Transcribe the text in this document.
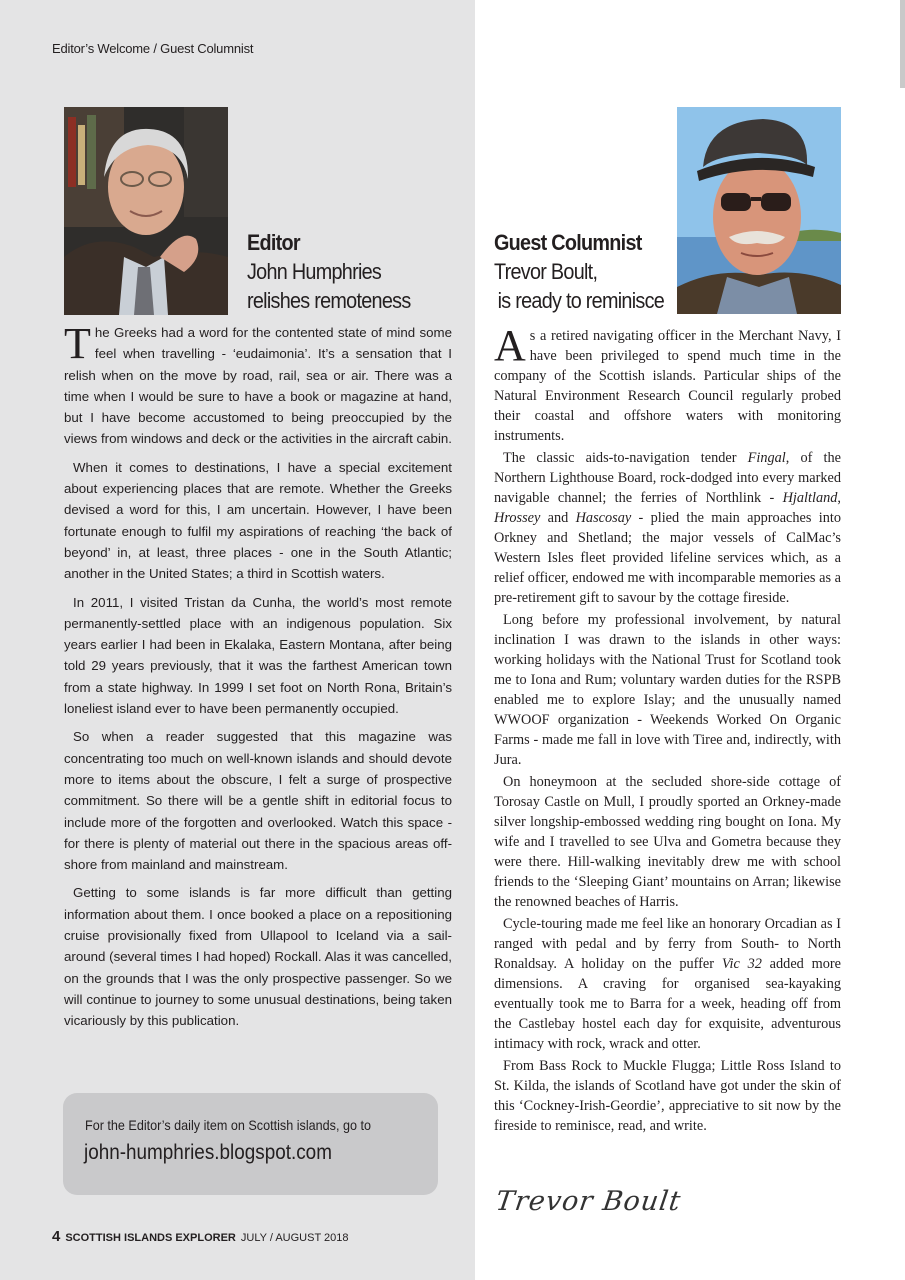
Editor’s Welcome / Guest Columnist
Editor
John Humphries
relishes remoteness
Guest Columnist
Trevor Boult,
is ready to reminisce

The Greeks had a word for the contented state of mind some feel when travelling - ‘eudaimonia’. It’s a sensation that I relish when on the move by road, rail, sea or air. There was a time when I would be sure to have a book or magazine at hand, but I have become accustomed to being preoccupied by the views from windows and deck or the activities in the aircraft cabin.

When it comes to destinations, I have a special excitement about experiencing places that are remote. Whether the Greeks devised a word for this, I am uncertain. However, I have been fortunate enough to fulfil my aspirations of reaching ‘the back of beyond’ in, at least, three places - one in the South Atlantic; another in the United States; a third in Scottish waters.

In 2011, I visited Tristan da Cunha, the world’s most remote permanently-settled place with an indigenous population. Six years earlier I had been in Ekalaka, Eastern Montana, after being told 29 years previously, that it was the farthest American town from a state highway. In 1999 I set foot on North Rona, Britain’s loneliest island ever to have been permanently occupied.

So when a reader suggested that this magazine was concentrating too much on well-known islands and should devote more to items about the obscure, I felt a surge of prospective commitment. So there will be a gentle shift in editorial focus to include more of the forgotten and overlooked. Watch this space - for there is plenty of material out there in the spacious areas off-shore from mainland and mainstream.

Getting to some islands is far more difficult than getting information about them. I once booked a place on a repositioning cruise provisionally fixed from Ullapool to Iceland via a sail-around (several times I had hoped) Rockall. Alas it was cancelled, on the grounds that I was the only prospective passenger. So we will continue to journey to some unusual destinations, being taken vicariously by this publication.

As a retired navigating officer in the Merchant Navy, I have been privileged to spend much time in the company of the Scottish islands. Particular ships of the Natural Environment Research Council regularly probed their coastal and offshore waters with monitoring instruments.

The classic aids-to-navigation tender Fingal, of the Northern Lighthouse Board, rock-dodged into every marked navigable channel; the ferries of Northlink - Hjaltland, Hrossey and Hascosay - plied the main approaches into Orkney and Shetland; the major vessels of CalMac’s Western Isles fleet provided lifeline services which, as a relief officer, endowed me with incomparable memories as a pre-retirement gift to savour by the cottage fireside.

Long before my professional involvement, by natural inclination I was drawn to the islands in other ways: working holidays with the National Trust for Scotland took me to Iona and Rum; voluntary warden duties for the RSPB enabled me to explore Islay; and the unusually named WWOOF organization - Weekends Worked On Organic Farms - made me fall in love with Tiree and, indirectly, with Jura.

On honeymoon at the secluded shore-side cottage of Torosay Castle on Mull, I proudly sported an Orkney-made silver longship-embossed wedding ring bought on Iona. My wife and I travelled to see Ulva and Gometra because they were there. Hill-walking inevitably drew me with school friends to the ‘Sleeping Giant’ mountains on Arran; likewise the renowned beaches of Harris.

Cycle-touring made me feel like an honorary Orcadian as I ranged with pedal and by ferry from South- to North Ronaldsay. A holiday on the puffer Vic 32 added more dimensions. A craving for organised sea-kayaking eventually took me to Barra for a week, heading off from the Castlebay hostel each day for exquisite, adventurous intimacy with rock, wrack and otter.

From Bass Rock to Muckle Flugga; Little Ross Island to St. Kilda, the islands of Scotland have got under the skin of this ‘Cockney-Irish-Geordie’, appreciative to sit now by the fireside to reminisce, read, and write.

For the Editor’s daily item on Scottish islands, go to
john-humphries.blogspot.com
Trevor Boult
4 SCOTTISH ISLANDS EXPLORER JULY / AUGUST 2018
